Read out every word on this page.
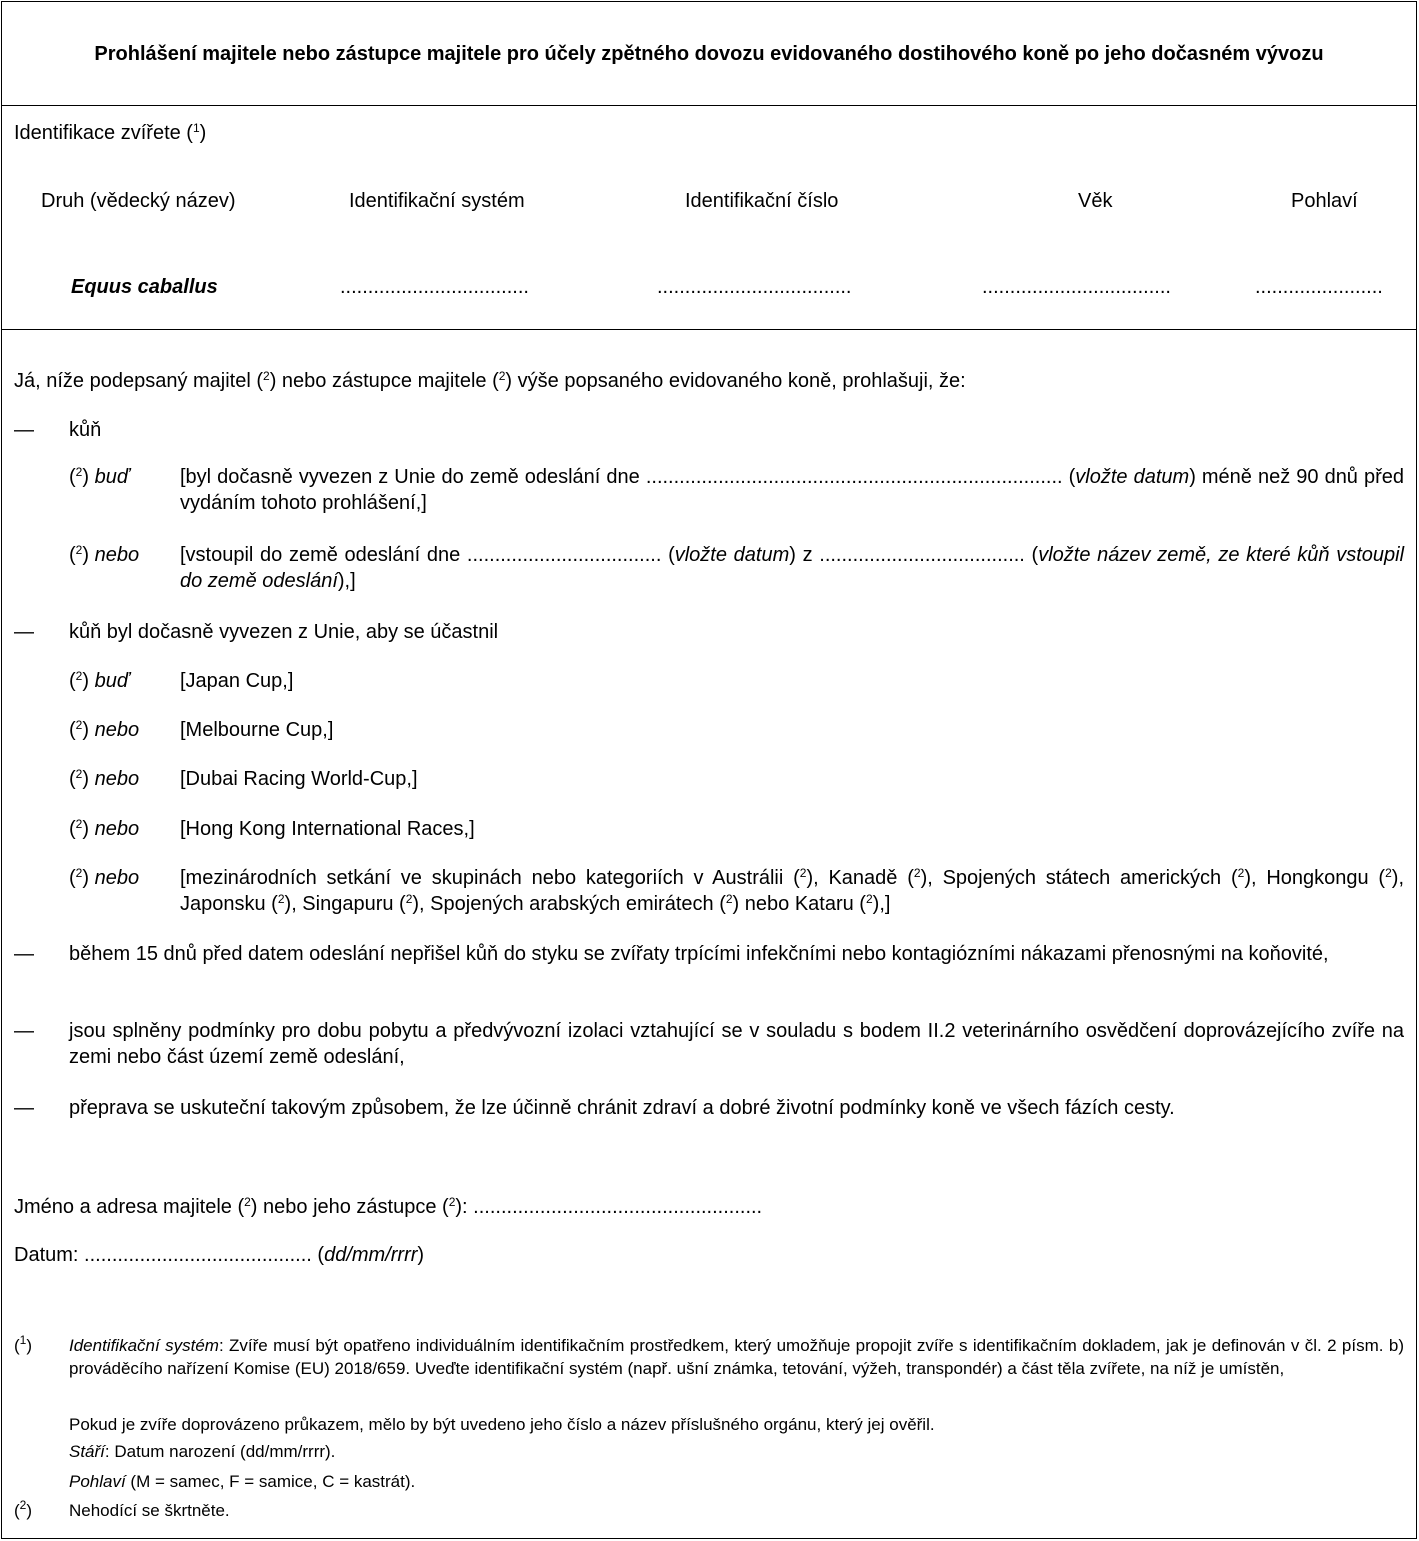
Prohlášení majitele nebo zástupce majitele pro účely zpětného dovozu evidovaného dostihového koně po jeho dočasném vývozu
Identifikace zvířete ($^1$)
Druh (vědecký název)	Identifikační systém	Identifikační číslo	Věk	Pohlaví
Equus caballus	..................................	...................................	..................................	.......................
Já, níže podepsaný majitel ($^2$) nebo zástupce majitele ($^2$) výše popsaného evidovaného koně, prohlašuji, že:
—	kůň
($^2$) buď	[byl dočasně vyvezen z Unie do země odeslání dne ........................................................................... (vložte datum) méně než 90 dnů před vydáním tohoto prohlášení,]
($^2$) nebo	[vstoupil do země odeslání dne ................................... (vložte datum) z ..................................... (vložte název země, ze které kůň vstoupil do země odeslání),]
—	kůň byl dočasně vyvezen z Unie, aby se účastnil
($^2$) buď	[Japan Cup,]
($^2$) nebo	[Melbourne Cup,]
($^2$) nebo	[Dubai Racing World-Cup,]
($^2$) nebo	[Hong Kong International Races,]
($^2$) nebo	[mezinárodních setkání ve skupinách nebo kategoriích v Austrálii ($^2$), Kanadě ($^2$), Spojených státech amerických ($^2$), Hongkongu ($^2$), Japonsku ($^2$), Singapuru ($^2$), Spojených arabských emirátech ($^2$) nebo Kataru ($^2$),]
—	během 15 dnů před datem odeslání nepřišel kůň do styku se zvířaty trpícími infekčními nebo kontagiózními nákazami přenosnými na koňovité,
—	jsou splněny podmínky pro dobu pobytu a předvývozní izolaci vztahující se v souladu s bodem II.2 veterinárního osvědčení doprovázejícího zvíře na zemi nebo část území země odeslání,
—	přeprava se uskuteční takovým způsobem, že lze účinně chránit zdraví a dobré životní podmínky koně ve všech fázích cesty.
Jméno a adresa majitele ($^2$) nebo jeho zástupce ($^2$): ....................................................
Datum: ......................................... (dd/mm/rrrr)
($^1$)	Identifikační systém: Zvíře musí být opatřeno individuálním identifikačním prostředkem, který umožňuje propojit zvíře s identifikačním dokladem, jak je definován v čl. 2 písm. b) prováděcího nařízení Komise (EU) 2018/659. Uveďte identifikační systém (např. ušní známka, tetování, výžeh, transpondér) a část těla zvířete, na níž je umístěn,
Pokud je zvíře doprovázeno průkazem, mělo by být uvedeno jeho číslo a název příslušného orgánu, který jej ověřil.
Stáří: Datum narození (dd/mm/rrrr).
Pohlaví (M = samec, F = samice, C = kastrát).
($^2$)	Nehodící se škrtněte.
